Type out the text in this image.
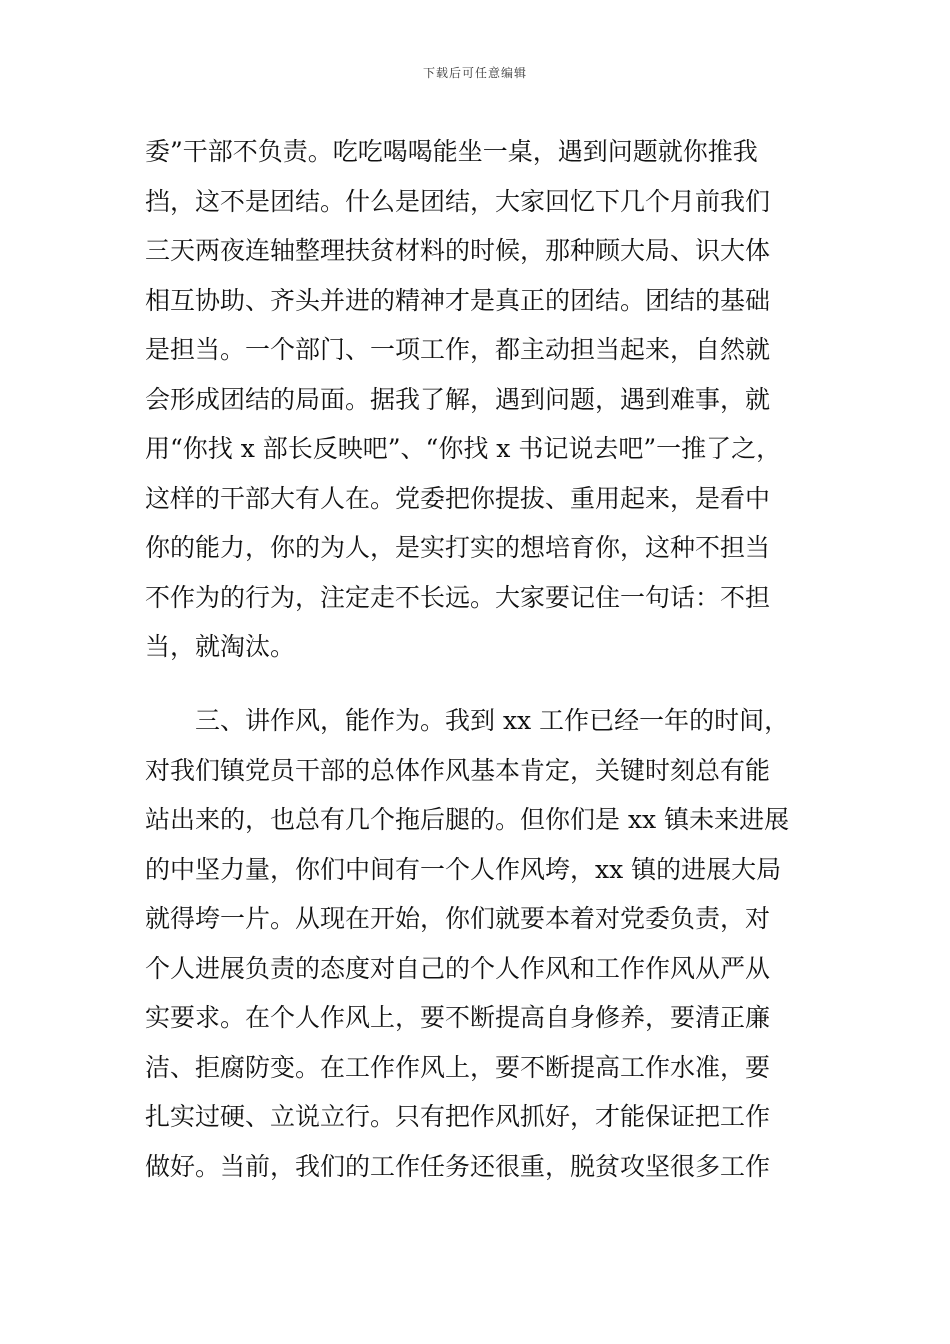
下载后可任意编辑
委”干部不负责。吃吃喝喝能坐一桌，遇到问题就你推我
挡，这不是团结。什么是团结，大家回忆下几个月前我们
三天两夜连轴整理扶贫材料的时候，那种顾大局、识大体
相互协助、齐头并进的精神才是真正的团结。团结的基础
是担当。一个部门、一项工作，都主动担当起来，自然就
会形成团结的局面。据我了解，遇到问题，遇到难事，就
用“你找 x 部长反映吧”、“你找 x 书记说去吧”一推了之，
这样的干部大有人在。党委把你提拔、重用起来，是看中
你的能力，你的为人，是实打实的想培育你，这种不担当
不作为的行为，注定走不长远。大家要记住一句话：不担
当，就淘汰。
三、讲作风，能作为。我到 xx 工作已经一年的时间，
对我们镇党员干部的总体作风基本肯定，关键时刻总有能
站出来的，也总有几个拖后腿的。但你们是 xx 镇未来进展
的中坚力量，你们中间有一个人作风垮，xx 镇的进展大局
就得垮一片。从现在开始，你们就要本着对党委负责，对
个人进展负责的态度对自己的个人作风和工作作风从严从
实要求。在个人作风上，要不断提高自身修养，要清正廉
洁、拒腐防变。在工作作风上，要不断提高工作水准，要
扎实过硬、立说立行。只有把作风抓好，才能保证把工作
做好。当前，我们的工作任务还很重，脱贫攻坚很多工作
